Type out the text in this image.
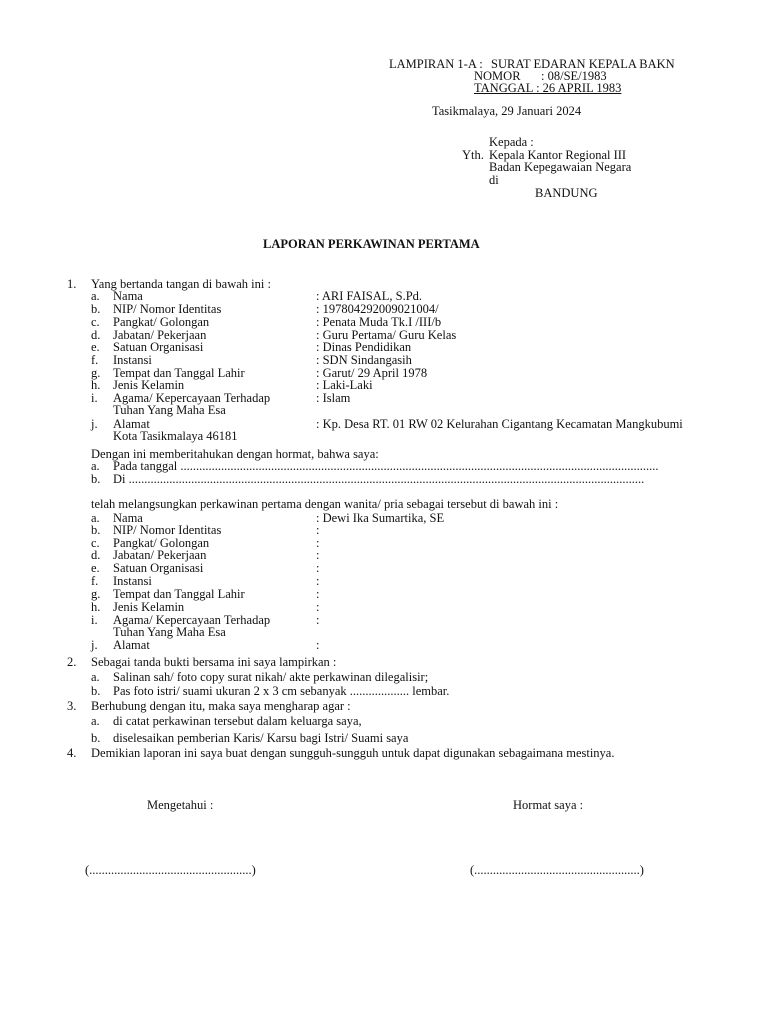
LAMPIRAN 1-A : SURAT EDARAN KEPALA BAKN
NOMOR : 08/SE/1983
TANGGAL : 26 APRIL 1983
Tasikmalaya, 29 Januari 2024
Kepada :
Yth. Kepala Kantor Regional III
Badan Kepegawaian Negara
di
BANDUNG
LAPORAN PERKAWINAN PERTAMA
1. Yang bertanda tangan di bawah ini :
a. Nama	: ARI FAISAL, S.Pd.
b. NIP/ Nomor Identitas	: 197804292009021004/
c. Pangkat/ Golongan	: Penata Muda Tk.I /III/b
d. Jabatan/ Pekerjaan	: Guru Pertama/ Guru Kelas
e. Satuan Organisasi	: Dinas Pendidikan
f. Instansi	: SDN Sindangasih
g. Tempat dan Tanggal Lahir	: Garut/ 29 April 1978
h. Jenis Kelamin	: Laki-Laki
i. Agama/ Kepercayaan Terhadap
Tuhan Yang Maha Esa
: Islam
j. Alamat	: Kp. Desa RT. 01 RW 02 Kelurahan Cigantang Kecamatan Mangkubumi
Kota Tasikmalaya 46181
Dengan ini memberitahukan dengan hormat, bahwa saya:
a. Pada tanggal .........................................................................................................................................................
b. Di .....................................................................................................................................................................
telah melangsungkan perkawinan pertama dengan wanita/ pria sebagai tersebut di bawah ini :
a. Nama	: Dewi Ika Sumartika, SE
b. NIP/ Nomor Identitas	:
c. Pangkat/ Golongan	:
d. Jabatan/ Pekerjaan	:
e. Satuan Organisasi	:
f. Instansi	:
g. Tempat dan Tanggal Lahir	:
h. Jenis Kelamin	:
i. Agama/ Kepercayaan Terhadap
Tuhan Yang Maha Esa
:
j. Alamat	:
2. Sebagai tanda bukti bersama ini saya lampirkan :
a. Salinan sah/ foto copy surat nikah/ akte perkawinan dilegalisir;
b. Pas foto istri/ suami ukuran 2 x 3 cm sebanyak ................... lembar.
3. Berhubung dengan itu, maka saya mengharap agar :
a. di catat perkawinan tersebut dalam keluarga saya,
b. diselesaikan pemberian Karis/ Karsu bagi Istri/ Suami saya
4. Demikian laporan ini saya buat dengan sungguh-sungguh untuk dapat digunakan sebagaimana mestinya.
Mengetahui :	Hormat saya :
(....................................................)	(.....................................................)
